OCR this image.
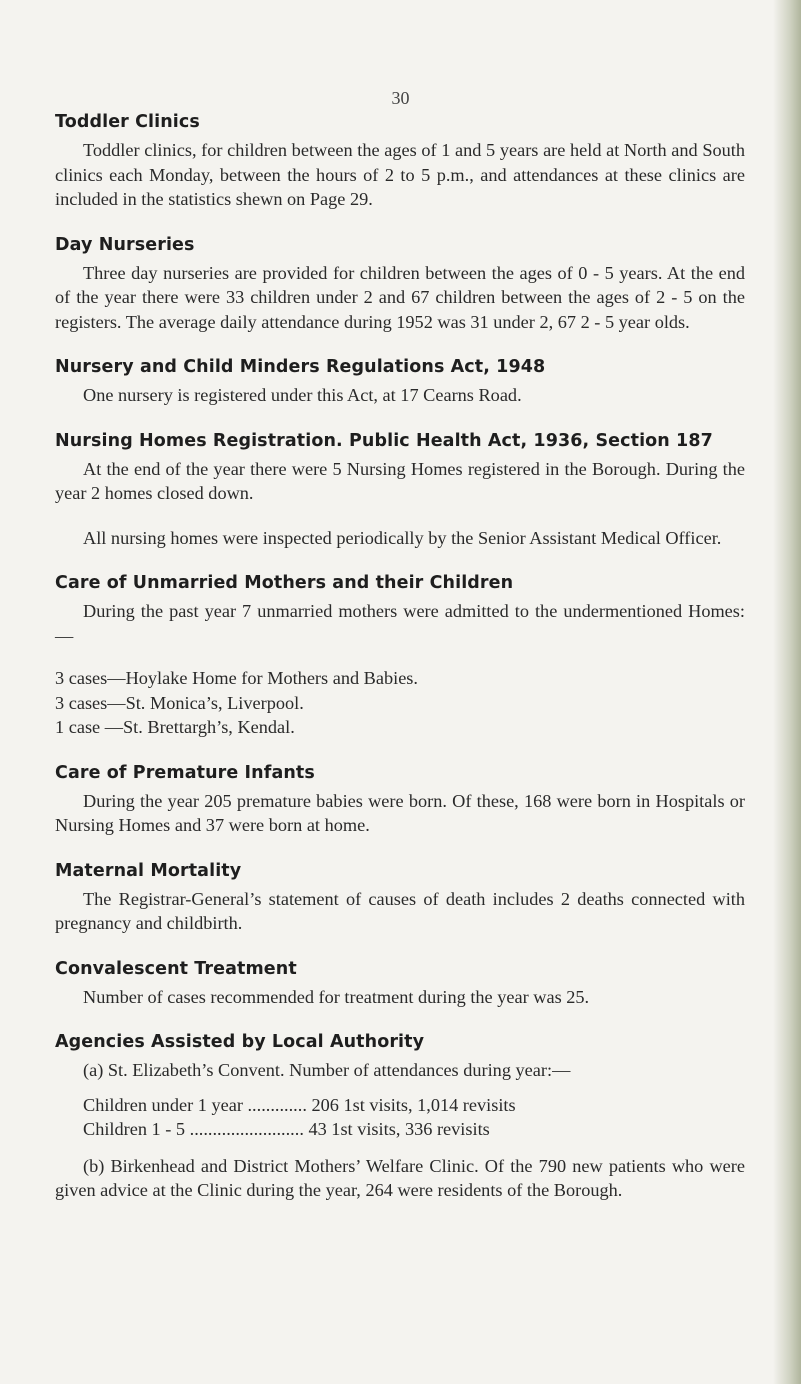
30
Toddler Clinics

Toddler clinics, for children between the ages of 1 and 5 years are held at North and South clinics each Monday, between the hours of 2 to 5 p.m., and attendances at these clinics are included in the statistics shewn on Page 29.

Day Nurseries

Three day nurseries are provided for children between the ages of 0 - 5 years. At the end of the year there were 33 children under 2 and 67 children between the ages of 2 - 5 on the registers. The average daily attendance during 1952 was 31 under 2, 67 2 - 5 year olds.

Nursery and Child Minders Regulations Act, 1948

One nursery is registered under this Act, at 17 Cearns Road.

Nursing Homes Registration. Public Health Act, 1936, Section 187

At the end of the year there were 5 Nursing Homes registered in the Borough. During the year 2 homes closed down.

All nursing homes were inspected periodically by the Senior Assistant Medical Officer.

Care of Unmarried Mothers and their Children

During the past year 7 unmarried mothers were admitted to the undermentioned Homes:—

3 cases—Hoylake Home for Mothers and Babies.
3 cases—St. Monica’s, Liverpool.
1 case —St. Brettargh’s, Kendal.
Care of Premature Infants

During the year 205 premature babies were born. Of these, 168 were born in Hospitals or Nursing Homes and 37 were born at home.

Maternal Mortality

The Registrar-General’s statement of causes of death includes 2 deaths connected with pregnancy and childbirth.

Convalescent Treatment

Number of cases recommended for treatment during the year was 25.

Agencies Assisted by Local Authority

(a) St. Elizabeth’s Convent. Number of attendances during year:—

Children under 1 year ............. 206 1st visits, 1,014 revisits
Children 1 - 5 ......................... 43 1st visits, 336 revisits

(b) Birkenhead and District Mothers’ Welfare Clinic. Of the 790 new patients who were given advice at the Clinic during the year, 264 were residents of the Borough.
